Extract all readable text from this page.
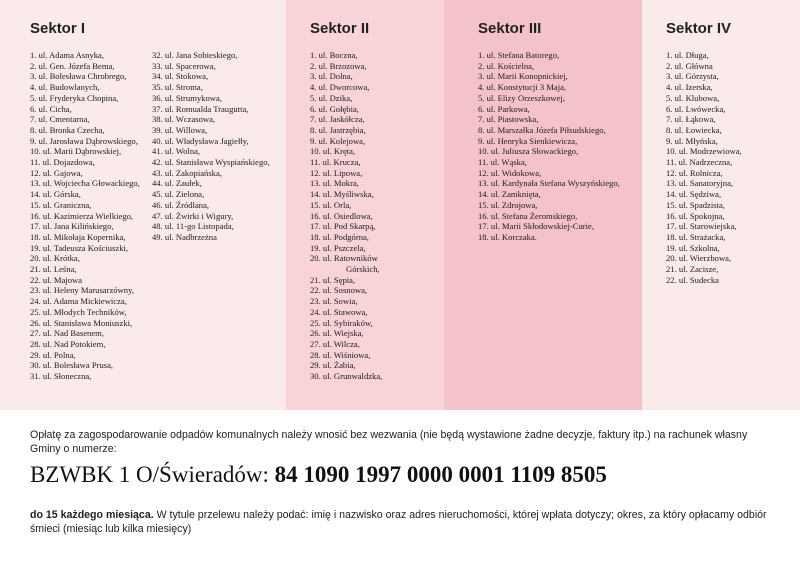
Sektor I
1. ul. Adama Asnyka,
2. ul. Gen. Józefa Bema,
3. ul. Bolesława Chrobrego,
4. ul. Budowlanych,
5. ul. Fryderyka Chopina,
6. ul. Cicha,
7. ul. Cmentarna,
8. ul. Bronka Czecha,
9. ul. Jarosława Dąbrowskiego,
10. ul. Marii Dąbrowskiej,
11. ul. Dojazdowa,
12. ul. Gajowa,
13. ul. Wojciecha Głowackiego,
14. ul. Górska,
15. ul. Graniczna,
16. ul. Kazimierza Wielkiego,
17. ul. Jana Kilińskiego,
18. ul. Mikołaja Kopernika,
19. ul. Tadeusza Kościuszki,
20. ul. Krótka,
21. ul. Leśna,
22. ul. Majowa
23. ul. Heleny Marusarzówny,
24. ul. Adama Mickiewicza,
25. ul. Młodych Techników,
26. ul. Stanisława Moniuszki,
27. ul. Nad Basenem,
28. ul. Nad Potokiem,
29. ul. Polna,
30. ul. Bolesława Prusa,
31. ul. Słoneczna,
32. ul. Jana Sobieskiego,
33. ul. Spacerowa,
34. ul. Stokowa,
35. ul. Stroma,
36. ul. Strumykowa,
37. ul. Romualda Traugutta,
38. ul. Wczasowa,
39. ul. Willowa,
40. ul. Władysława Jagiełły,
41. ul. Wolna,
42. ul. Stanisława Wyspiańskiego,
43. ul. Zakopiańska,
44. ul. Zaułek,
45. ul. Zielona,
46. ul. Źródlana,
47. ul. Żwirki i Wigury,
48. ul. 11-go Listopada,
49. ul. Nadbrzeżna
Sektor II
1. ul. Boczna,
2. ul. Brzozowa,
3. ul. Dolna,
4. ul. Dworcowa,
5. ul. Dzika,
6. ul. Gołębia,
7. ul. Jaskółcza,
8. ul. Jastrzębia,
9. ul. Kolejowa,
10. ul. Kręta,
11. ul. Krucza,
12. ul. Lipowa,
13. ul. Mokra,
14. ul. Myśliwska,
15. ul. Orla,
16. ul. Osiedlowa,
17. ul. Pod Skarpą,
18. ul. Podgórna,
19. ul. Pszczela,
20. ul. Ratowników
Górskich,
21. ul. Sępia,
22. ul. Sosnowa,
23. ul. Sowia,
24. ul. Stawowa,
25. ul. Sybiraków,
26. ul. Wiejska,
27. ul. Wilcza,
28. ul. Wiśniowa,
29. ul. Żabia,
30. ul. Grunwaldzka,
Sektor III
1. ul. Stefana Batorego,
2. ul. Kościelna,
3. ul. Marii Konopnickiej,
4. ul. Konstytucji 3 Maja,
5. ul. Elizy Orzeszkowej,
6. ul. Parkowa,
7. ul. Piastowska,
8. ul. Marszałka Józefa Piłsudskiego,
9. ul. Henryka Sienkiewicza,
10. ul. Juliusza Słowackiego,
11. ul. Wąska,
12. ul. Widokowa,
13. ul. Kardynała Stefana Wyszyńskiego,
14. ul. Zamknięta,
15. ul. Zdrojowa,
16. ul. Stefana Żeromskiego,
17. ul. Marii Skłodowskiej-Curie,
18. ul. Korczaka.
Sektor IV
1. ul. Długa,
2. ul. Główna
3. ul. Górzysta,
4. ul. Izerska,
5. ul. Klubowa,
6. ul. Lwówecka,
7. ul. Łąkowa,
8. ul. Łowiecka,
9. ul. Młyńska,
10. ul. Modrzewiowa,
11. ul. Nadrzeczna,
12. ul. Rolnicza,
13. ul. Sanatoryjna,
14. ul. Sędziwa,
15. ul. Spadzista,
16. ul. Spokojna,
17. ul. Starowiejska,
18. ul. Strażacka,
19. ul. Szkolna,
20. ul. Wierzbowa,
21. ul. Zacisze,
22. ul. Sudecka
Opłatę za zagospodarowanie odpadów komunalnych należy wnosić bez wezwania (nie będą wystawione żadne decyzje, faktury itp.) na rachunek własny Gminy o numerze:
BZWBK 1 O/Świeradów: 84 1090 1997 0000 0001 1109 8505
do 15 każdego miesiąca. W tytule przelewu należy podać: imię i nazwisko oraz adres nieruchomości, której wpłata dotyczy; okres, za który opłacamy odbiór śmieci (miesiąc lub kilka miesięcy)
